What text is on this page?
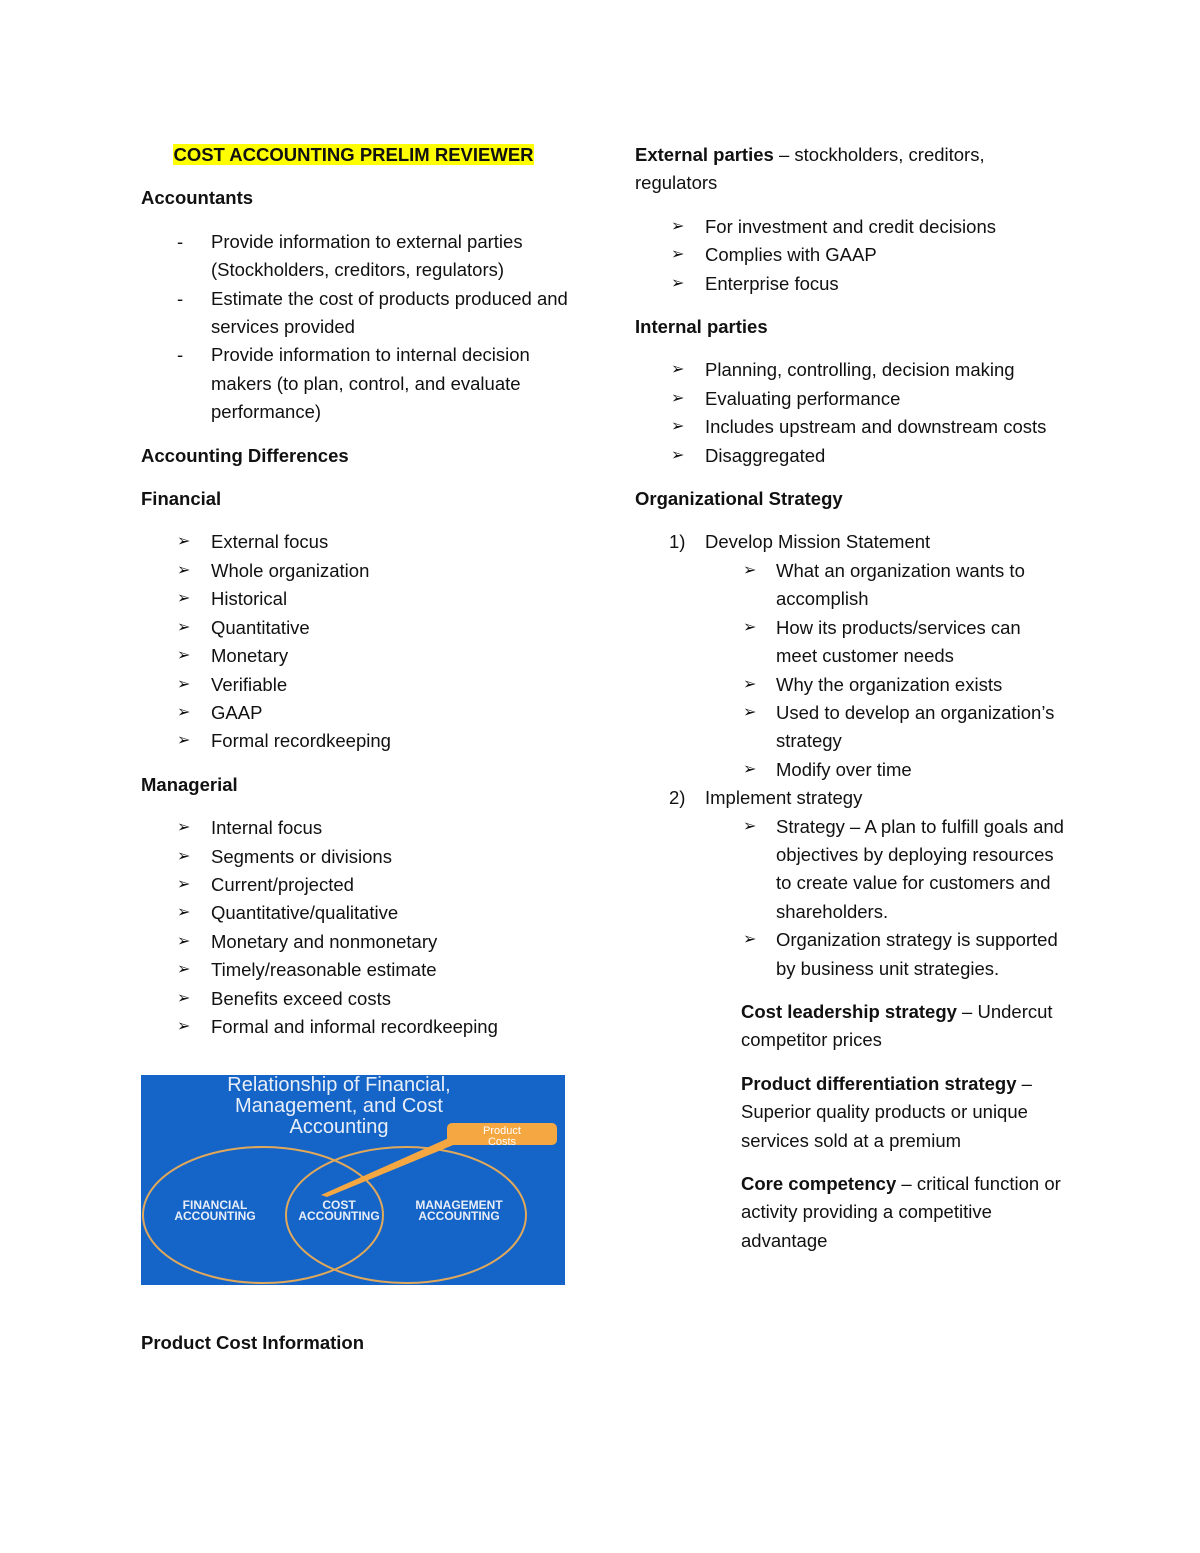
COST ACCOUNTING PRELIM REVIEWER

Accountants

- Provide information to external parties (Stockholders, creditors, regulators)
- Estimate the cost of products produced and services provided
- Provide information to internal decision makers (to plan, control, and evaluate performance)

Accounting Differences

Financial

➢ External focus
➢ Whole organization
➢ Historical
➢ Quantitative
➢ Monetary
➢ Verifiable
➢ GAAP
➢ Formal recordkeeping

Managerial

➢ Internal focus
➢ Segments or divisions
➢ Current/projected
➢ Quantitative/qualitative
➢ Monetary and nonmonetary
➢ Timely/reasonable estimate
➢ Benefits exceed costs
➢ Formal and informal recordkeeping
Relationship of Financial,
Management, and Cost
Accounting	Product
Costs
FINANCIAL
ACCOUNTING
COST
ACCOUNTING
MANAGEMENT
ACCOUNTING

Product Cost Information

External parties – stockholders, creditors, regulators

➢ For investment and credit decisions
➢ Complies with GAAP
➢ Enterprise focus

Internal parties

➢ Planning, controlling, decision making
➢ Evaluating performance
➢ Includes upstream and downstream costs
➢ Disaggregated

Organizational Strategy

1) Develop Mission Statement
➢ What an organization wants to accomplish
➢ How its products/services can meet customer needs
➢ Why the organization exists
➢ Used to develop an organization’s strategy
➢ Modify over time
2) Implement strategy
➢ Strategy – A plan to fulfill goals and objectives by deploying resources to create value for customers and shareholders.
➢ Organization strategy is supported by business unit strategies.

Cost leadership strategy – Undercut competitor prices

Product differentiation strategy – Superior quality products or unique services sold at a premium

Core competency – critical function or activity providing a competitive advantage
